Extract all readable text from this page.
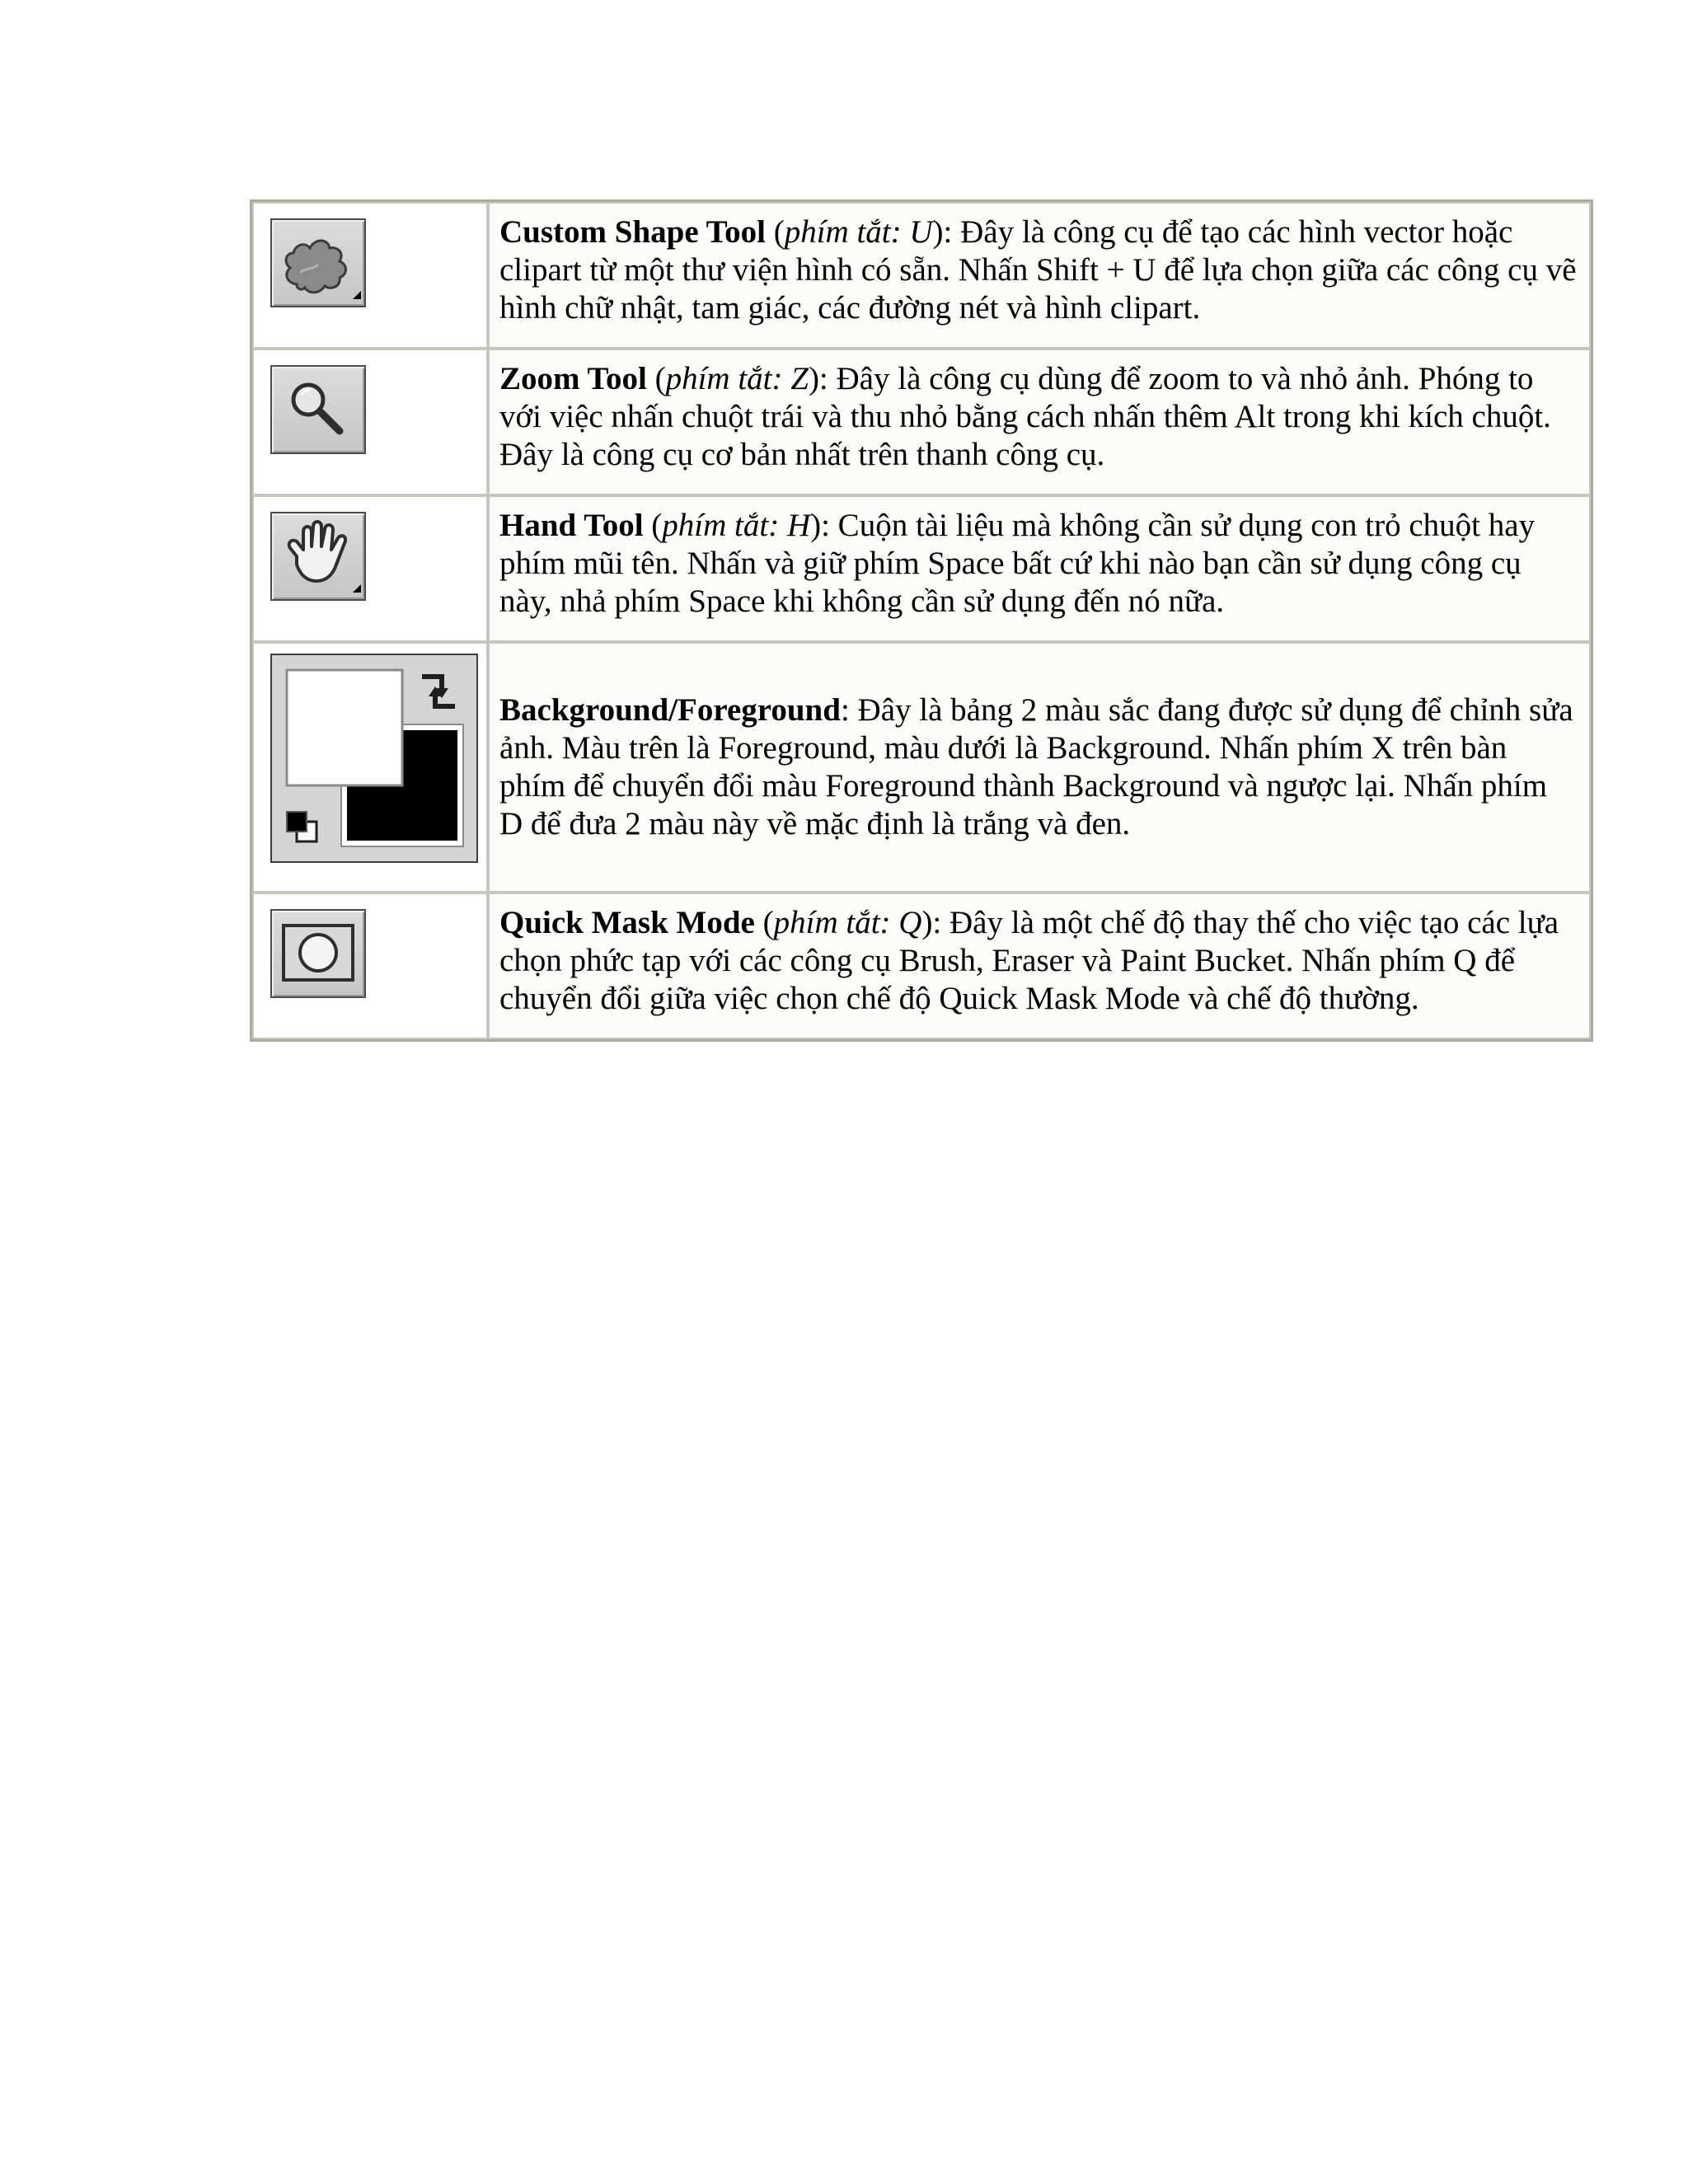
	Custom Shape Tool (phím tắt: U): Đây là công cụ để tạo các hình vector hoặc clipart từ một thư viện hình có sẵn. Nhấn Shift + U để lựa chọn giữa các công cụ vẽ hình chữ nhật, tam giác, các đường nét và hình clipart.

	Zoom Tool (phím tắt: Z): Đây là công cụ dùng để zoom to và nhỏ ảnh. Phóng to với việc nhấn chuột trái và thu nhỏ bằng cách nhấn thêm Alt trong khi kích chuột. Đây là công cụ cơ bản nhất trên thanh công cụ.

	Hand Tool (phím tắt: H): Cuộn tài liệu mà không cần sử dụng con trỏ chuột hay phím mũi tên. Nhấn và giữ phím Space bất cứ khi nào bạn cần sử dụng công cụ này, nhả phím Space khi không cần sử dụng đến nó nữa.

	Background/Foreground: Đây là bảng 2 màu sắc đang được sử dụng để chỉnh sửa ảnh. Màu trên là Foreground, màu dưới là Background. Nhấn phím X trên bàn phím để chuyển đổi màu Foreground thành Background và ngược lại. Nhấn phím D để đưa 2 màu này về mặc định là trắng và đen.

	Quick Mask Mode (phím tắt: Q): Đây là một chế độ thay thế cho việc tạo các lựa chọn phức tạp với các công cụ Brush, Eraser và Paint Bucket. Nhấn phím Q để chuyển đổi giữa việc chọn chế độ Quick Mask Mode và chế độ thường.
